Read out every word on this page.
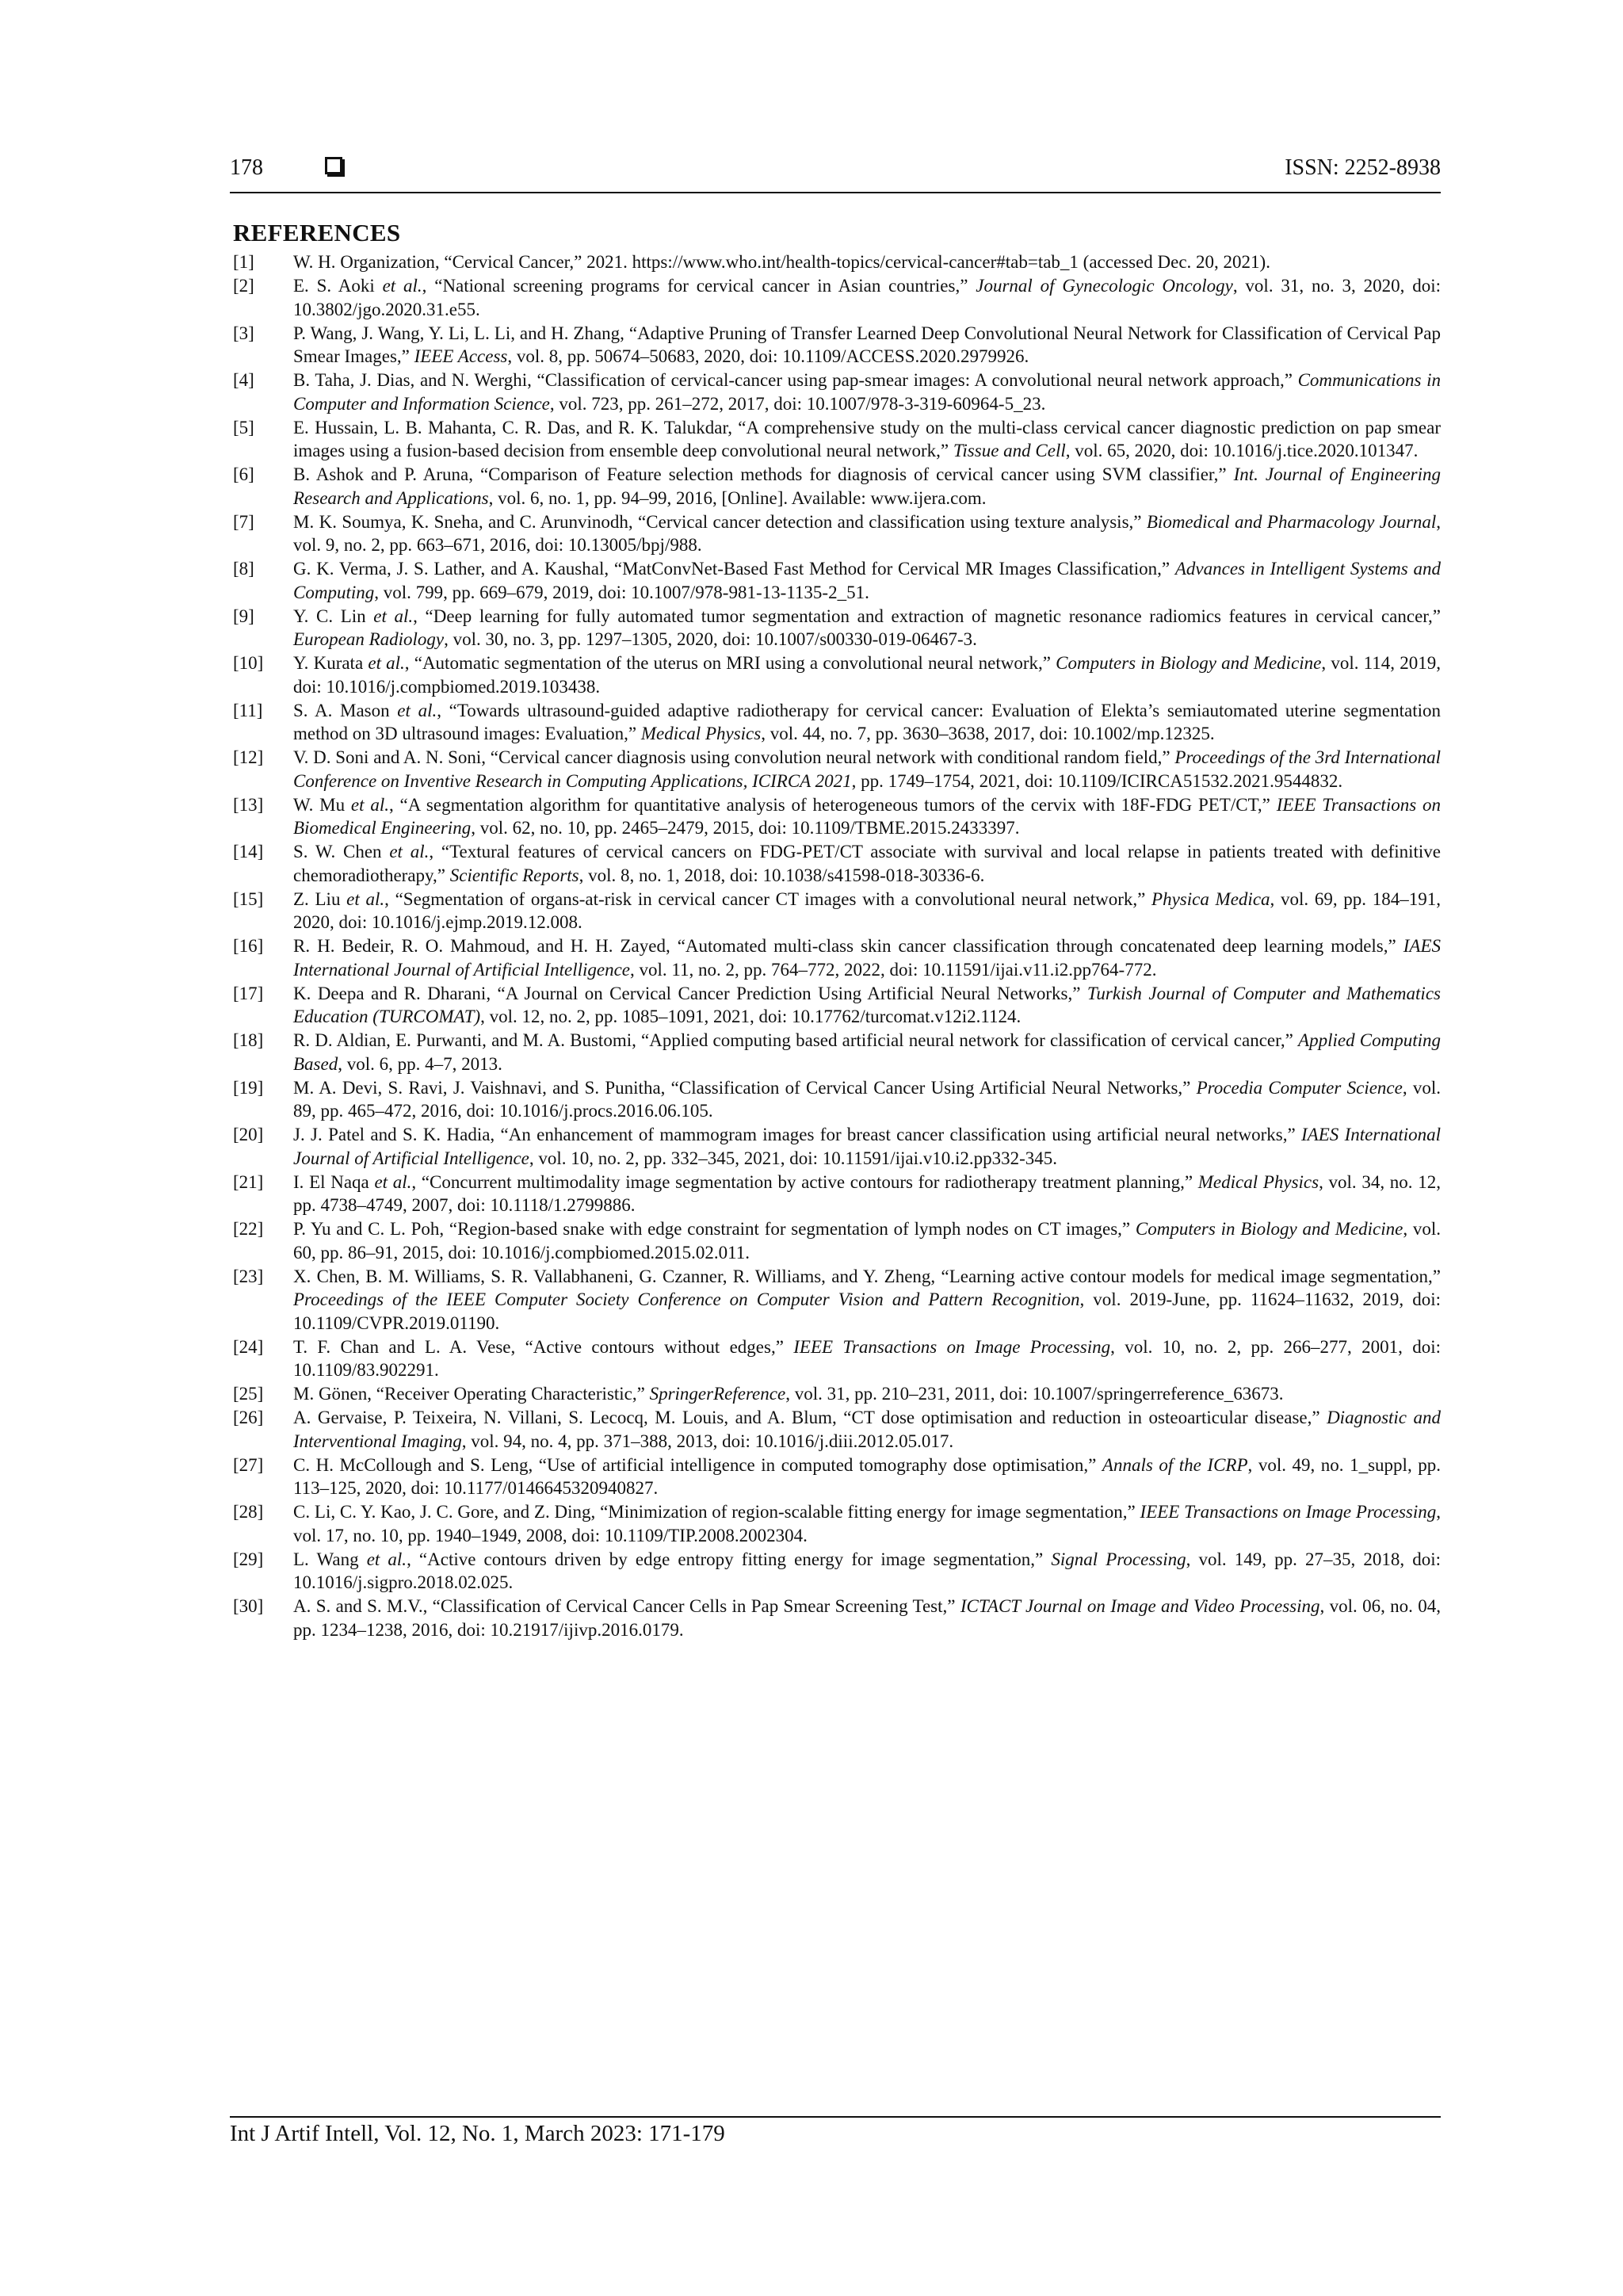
178	ISSN: 2252-8938
REFERENCES
[1] W. H. Organization, “Cervical Cancer,” 2021. https://www.who.int/health-topics/cervical-cancer#tab=tab_1 (accessed Dec. 20, 2021).
[2] E. S. Aoki et al., “National screening programs for cervical cancer in Asian countries,” Journal of Gynecologic Oncology, vol. 31, no. 3, 2020, doi: 10.3802/jgo.2020.31.e55.
[3] P. Wang, J. Wang, Y. Li, L. Li, and H. Zhang, “Adaptive Pruning of Transfer Learned Deep Convolutional Neural Network for Classification of Cervical Pap Smear Images,” IEEE Access, vol. 8, pp. 50674–50683, 2020, doi: 10.1109/ACCESS.2020.2979926.
[4] B. Taha, J. Dias, and N. Werghi, “Classification of cervical-cancer using pap-smear images: A convolutional neural network approach,” Communications in Computer and Information Science, vol. 723, pp. 261–272, 2017, doi: 10.1007/978-3-319-60964-5_23.
[5] E. Hussain, L. B. Mahanta, C. R. Das, and R. K. Talukdar, “A comprehensive study on the multi-class cervical cancer diagnostic prediction on pap smear images using a fusion-based decision from ensemble deep convolutional neural network,” Tissue and Cell, vol. 65, 2020, doi: 10.1016/j.tice.2020.101347.
[6] B. Ashok and P. Aruna, “Comparison of Feature selection methods for diagnosis of cervical cancer using SVM classifier,” Int. Journal of Engineering Research and Applications, vol. 6, no. 1, pp. 94–99, 2016, [Online]. Available: www.ijera.com.
[7] M. K. Soumya, K. Sneha, and C. Arunvinodh, “Cervical cancer detection and classification using texture analysis,” Biomedical and Pharmacology Journal, vol. 9, no. 2, pp. 663–671, 2016, doi: 10.13005/bpj/988.
[8] G. K. Verma, J. S. Lather, and A. Kaushal, “MatConvNet-Based Fast Method for Cervical MR Images Classification,” Advances in Intelligent Systems and Computing, vol. 799, pp. 669–679, 2019, doi: 10.1007/978-981-13-1135-2_51.
[9] Y. C. Lin et al., “Deep learning for fully automated tumor segmentation and extraction of magnetic resonance radiomics features in cervical cancer,” European Radiology, vol. 30, no. 3, pp. 1297–1305, 2020, doi: 10.1007/s00330-019-06467-3.
[10] Y. Kurata et al., “Automatic segmentation of the uterus on MRI using a convolutional neural network,” Computers in Biology and Medicine, vol. 114, 2019, doi: 10.1016/j.compbiomed.2019.103438.
[11] S. A. Mason et al., “Towards ultrasound-guided adaptive radiotherapy for cervical cancer: Evaluation of Elekta’s semiautomated uterine segmentation method on 3D ultrasound images: Evaluation,” Medical Physics, vol. 44, no. 7, pp. 3630–3638, 2017, doi: 10.1002/mp.12325.
[12] V. D. Soni and A. N. Soni, “Cervical cancer diagnosis using convolution neural network with conditional random field,” Proceedings of the 3rd International Conference on Inventive Research in Computing Applications, ICIRCA 2021, pp. 1749–1754, 2021, doi: 10.1109/ICIRCA51532.2021.9544832.
[13] W. Mu et al., “A segmentation algorithm for quantitative analysis of heterogeneous tumors of the cervix with 18F-FDG PET/CT,” IEEE Transactions on Biomedical Engineering, vol. 62, no. 10, pp. 2465–2479, 2015, doi: 10.1109/TBME.2015.2433397.
[14] S. W. Chen et al., “Textural features of cervical cancers on FDG-PET/CT associate with survival and local relapse in patients treated with definitive chemoradiotherapy,” Scientific Reports, vol. 8, no. 1, 2018, doi: 10.1038/s41598-018-30336-6.
[15] Z. Liu et al., “Segmentation of organs-at-risk in cervical cancer CT images with a convolutional neural network,” Physica Medica, vol. 69, pp. 184–191, 2020, doi: 10.1016/j.ejmp.2019.12.008.
[16] R. H. Bedeir, R. O. Mahmoud, and H. H. Zayed, “Automated multi-class skin cancer classification through concatenated deep learning models,” IAES International Journal of Artificial Intelligence, vol. 11, no. 2, pp. 764–772, 2022, doi: 10.11591/ijai.v11.i2.pp764-772.
[17] K. Deepa and R. Dharani, “A Journal on Cervical Cancer Prediction Using Artificial Neural Networks,” Turkish Journal of Computer and Mathematics Education (TURCOMAT), vol. 12, no. 2, pp. 1085–1091, 2021, doi: 10.17762/turcomat.v12i2.1124.
[18] R. D. Aldian, E. Purwanti, and M. A. Bustomi, “Applied computing based artificial neural network for classification of cervical cancer,” Applied Computing Based, vol. 6, pp. 4–7, 2013.
[19] M. A. Devi, S. Ravi, J. Vaishnavi, and S. Punitha, “Classification of Cervical Cancer Using Artificial Neural Networks,” Procedia Computer Science, vol. 89, pp. 465–472, 2016, doi: 10.1016/j.procs.2016.06.105.
[20] J. J. Patel and S. K. Hadia, “An enhancement of mammogram images for breast cancer classification using artificial neural networks,” IAES International Journal of Artificial Intelligence, vol. 10, no. 2, pp. 332–345, 2021, doi: 10.11591/ijai.v10.i2.pp332-345.
[21] I. El Naqa et al., “Concurrent multimodality image segmentation by active contours for radiotherapy treatment planning,” Medical Physics, vol. 34, no. 12, pp. 4738–4749, 2007, doi: 10.1118/1.2799886.
[22] P. Yu and C. L. Poh, “Region-based snake with edge constraint for segmentation of lymph nodes on CT images,” Computers in Biology and Medicine, vol. 60, pp. 86–91, 2015, doi: 10.1016/j.compbiomed.2015.02.011.
[23] X. Chen, B. M. Williams, S. R. Vallabhaneni, G. Czanner, R. Williams, and Y. Zheng, “Learning active contour models for medical image segmentation,” Proceedings of the IEEE Computer Society Conference on Computer Vision and Pattern Recognition, vol. 2019-June, pp. 11624–11632, 2019, doi: 10.1109/CVPR.2019.01190.
[24] T. F. Chan and L. A. Vese, “Active contours without edges,” IEEE Transactions on Image Processing, vol. 10, no. 2, pp. 266–277, 2001, doi: 10.1109/83.902291.
[25] M. Gönen, “Receiver Operating Characteristic,” SpringerReference, vol. 31, pp. 210–231, 2011, doi: 10.1007/springerreference_63673.
[26] A. Gervaise, P. Teixeira, N. Villani, S. Lecocq, M. Louis, and A. Blum, “CT dose optimisation and reduction in osteoarticular disease,” Diagnostic and Interventional Imaging, vol. 94, no. 4, pp. 371–388, 2013, doi: 10.1016/j.diii.2012.05.017.
[27] C. H. McCollough and S. Leng, “Use of artificial intelligence in computed tomography dose optimisation,” Annals of the ICRP, vol. 49, no. 1_suppl, pp. 113–125, 2020, doi: 10.1177/0146645320940827.
[28] C. Li, C. Y. Kao, J. C. Gore, and Z. Ding, “Minimization of region-scalable fitting energy for image segmentation,” IEEE Transactions on Image Processing, vol. 17, no. 10, pp. 1940–1949, 2008, doi: 10.1109/TIP.2008.2002304.
[29] L. Wang et al., “Active contours driven by edge entropy fitting energy for image segmentation,” Signal Processing, vol. 149, pp. 27–35, 2018, doi: 10.1016/j.sigpro.2018.02.025.
[30] A. S. and S. M.V., “Classification of Cervical Cancer Cells in Pap Smear Screening Test,” ICTACT Journal on Image and Video Processing, vol. 06, no. 04, pp. 1234–1238, 2016, doi: 10.21917/ijivp.2016.0179.
Int J Artif Intell, Vol. 12, No. 1, March 2023: 171-179
